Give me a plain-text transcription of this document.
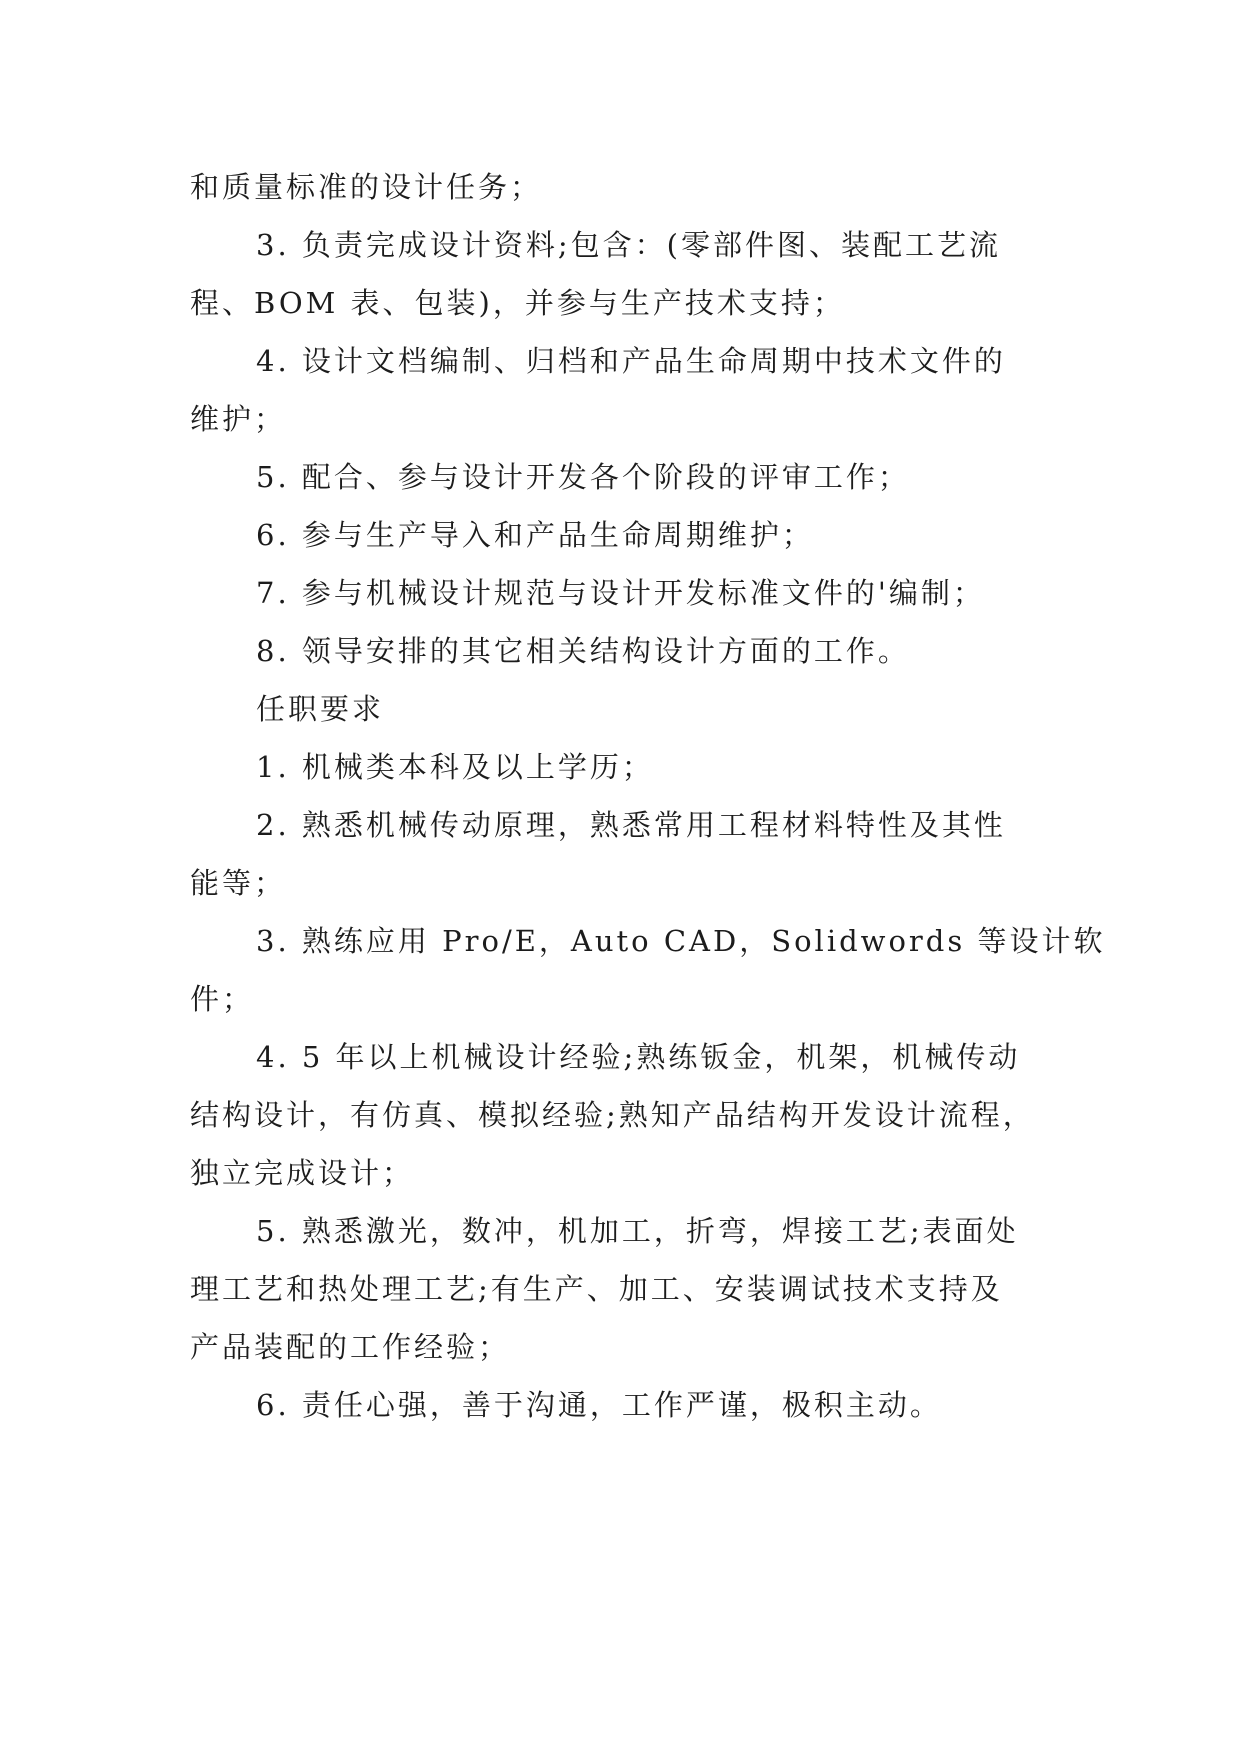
和质量标准的设计任务；
3. 负责完成设计资料;包含：(零部件图、装配工艺流
程、BOM 表、包装)，并参与生产技术支持；
4. 设计文档编制、归档和产品生命周期中技术文件的
维护；
5. 配合、参与设计开发各个阶段的评审工作；
6. 参与生产导入和产品生命周期维护；
7. 参与机械设计规范与设计开发标准文件的'编制；
8. 领导安排的其它相关结构设计方面的工作。
任职要求
1. 机械类本科及以上学历；
2. 熟悉机械传动原理，熟悉常用工程材料特性及其性
能等；
3. 熟练应用 Pro/E，Auto CAD，Solidwords 等设计软
件；
4. 5 年以上机械设计经验;熟练钣金，机架，机械传动
结构设计，有仿真、模拟经验;熟知产品结构开发设计流程，
独立完成设计；
5. 熟悉激光，数冲，机加工，折弯，焊接工艺;表面处
理工艺和热处理工艺;有生产、加工、安装调试技术支持及
产品装配的工作经验；
6. 责任心强，善于沟通，工作严谨，极积主动。
